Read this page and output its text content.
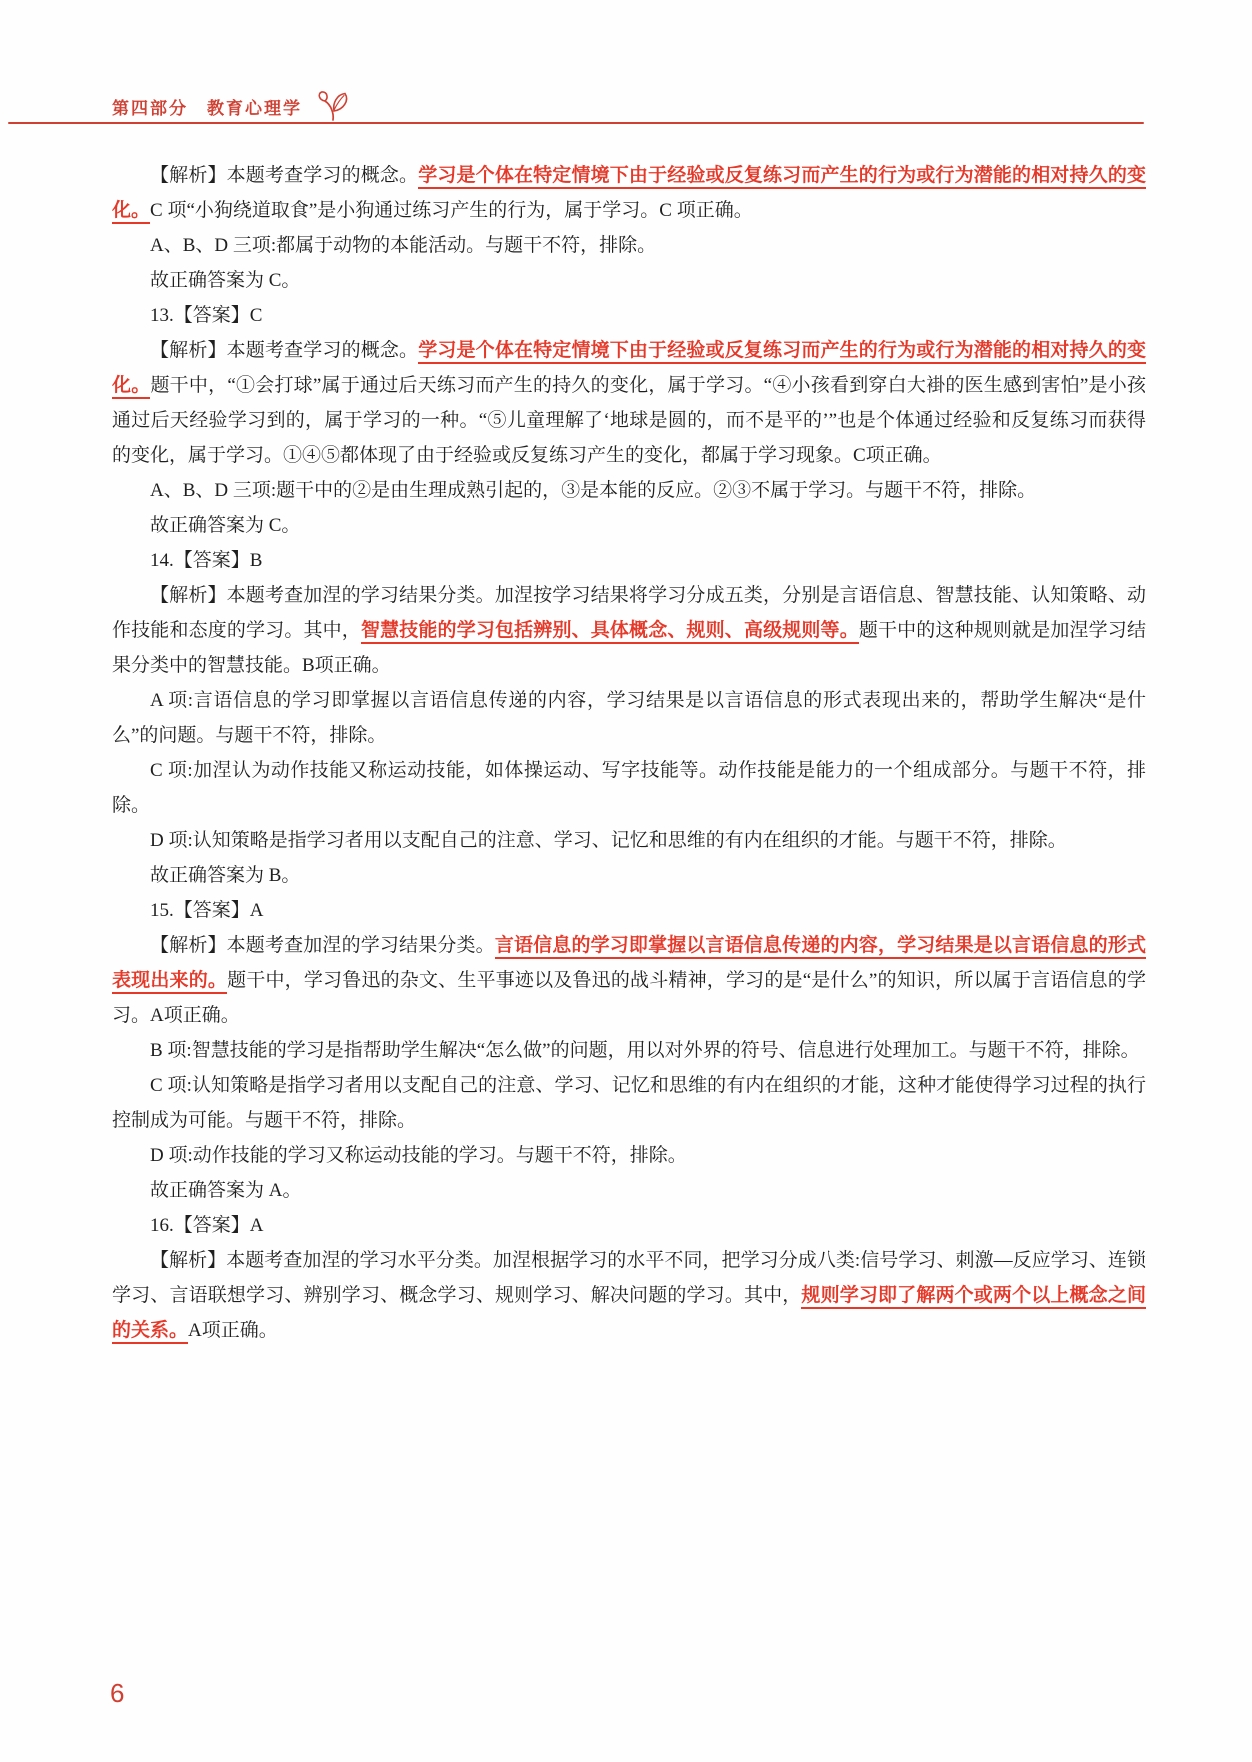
第四部分　教育心理学

【解析】本题考查学习的概念。学习是个体在特定情境下由于经验或反复练习而产生的行为或行为潜能的相对持久的变化。C 项“小狗绕道取食”是小狗通过练习产生的行为，属于学习。C 项正确。

A、B、D 三项:都属于动物的本能活动。与题干不符，排除。

故正确答案为 C。

13.【答案】C

【解析】本题考查学习的概念。学习是个体在特定情境下由于经验或反复练习而产生的行为或行为潜能的相对持久的变化。题干中，“①会打球”属于通过后天练习而产生的持久的变化，属于学习。“④小孩看到穿白大褂的医生感到害怕”是小孩通过后天经验学习到的，属于学习的一种。“⑤儿童理解了‘地球是圆的，而不是平的’”也是个体通过经验和反复练习而获得的变化，属于学习。①④⑤都体现了由于经验或反复练习产生的变化，都属于学习现象。C项正确。

A、B、D 三项:题干中的②是由生理成熟引起的，③是本能的反应。②③不属于学习。与题干不符，排除。

故正确答案为 C。

14.【答案】B

【解析】本题考查加涅的学习结果分类。加涅按学习结果将学习分成五类，分别是言语信息、智慧技能、认知策略、动作技能和态度的学习。其中，智慧技能的学习包括辨别、具体概念、规则、高级规则等。题干中的这种规则就是加涅学习结果分类中的智慧技能。B项正确。

A 项:言语信息的学习即掌握以言语信息传递的内容，学习结果是以言语信息的形式表现出来的，帮助学生解决“是什么”的问题。与题干不符，排除。

C 项:加涅认为动作技能又称运动技能，如体操运动、写字技能等。动作技能是能力的一个组成部分。与题干不符，排除。

D 项:认知策略是指学习者用以支配自己的注意、学习、记忆和思维的有内在组织的才能。与题干不符，排除。

故正确答案为 B。

15.【答案】A

【解析】本题考查加涅的学习结果分类。言语信息的学习即掌握以言语信息传递的内容，学习结果是以言语信息的形式表现出来的。题干中，学习鲁迅的杂文、生平事迹以及鲁迅的战斗精神，学习的是“是什么”的知识，所以属于言语信息的学习。A项正确。

B 项:智慧技能的学习是指帮助学生解决“怎么做”的问题，用以对外界的符号、信息进行处理加工。与题干不符，排除。

C 项:认知策略是指学习者用以支配自己的注意、学习、记忆和思维的有内在组织的才能，这种才能使得学习过程的执行控制成为可能。与题干不符，排除。

D 项:动作技能的学习又称运动技能的学习。与题干不符，排除。

故正确答案为 A。

16.【答案】A

【解析】本题考查加涅的学习水平分类。加涅根据学习的水平不同，把学习分成八类:信号学习、刺激—反应学习、连锁学习、言语联想学习、辨别学习、概念学习、规则学习、解决问题的学习。其中，规则学习即了解两个或两个以上概念之间的关系。A项正确。

6
